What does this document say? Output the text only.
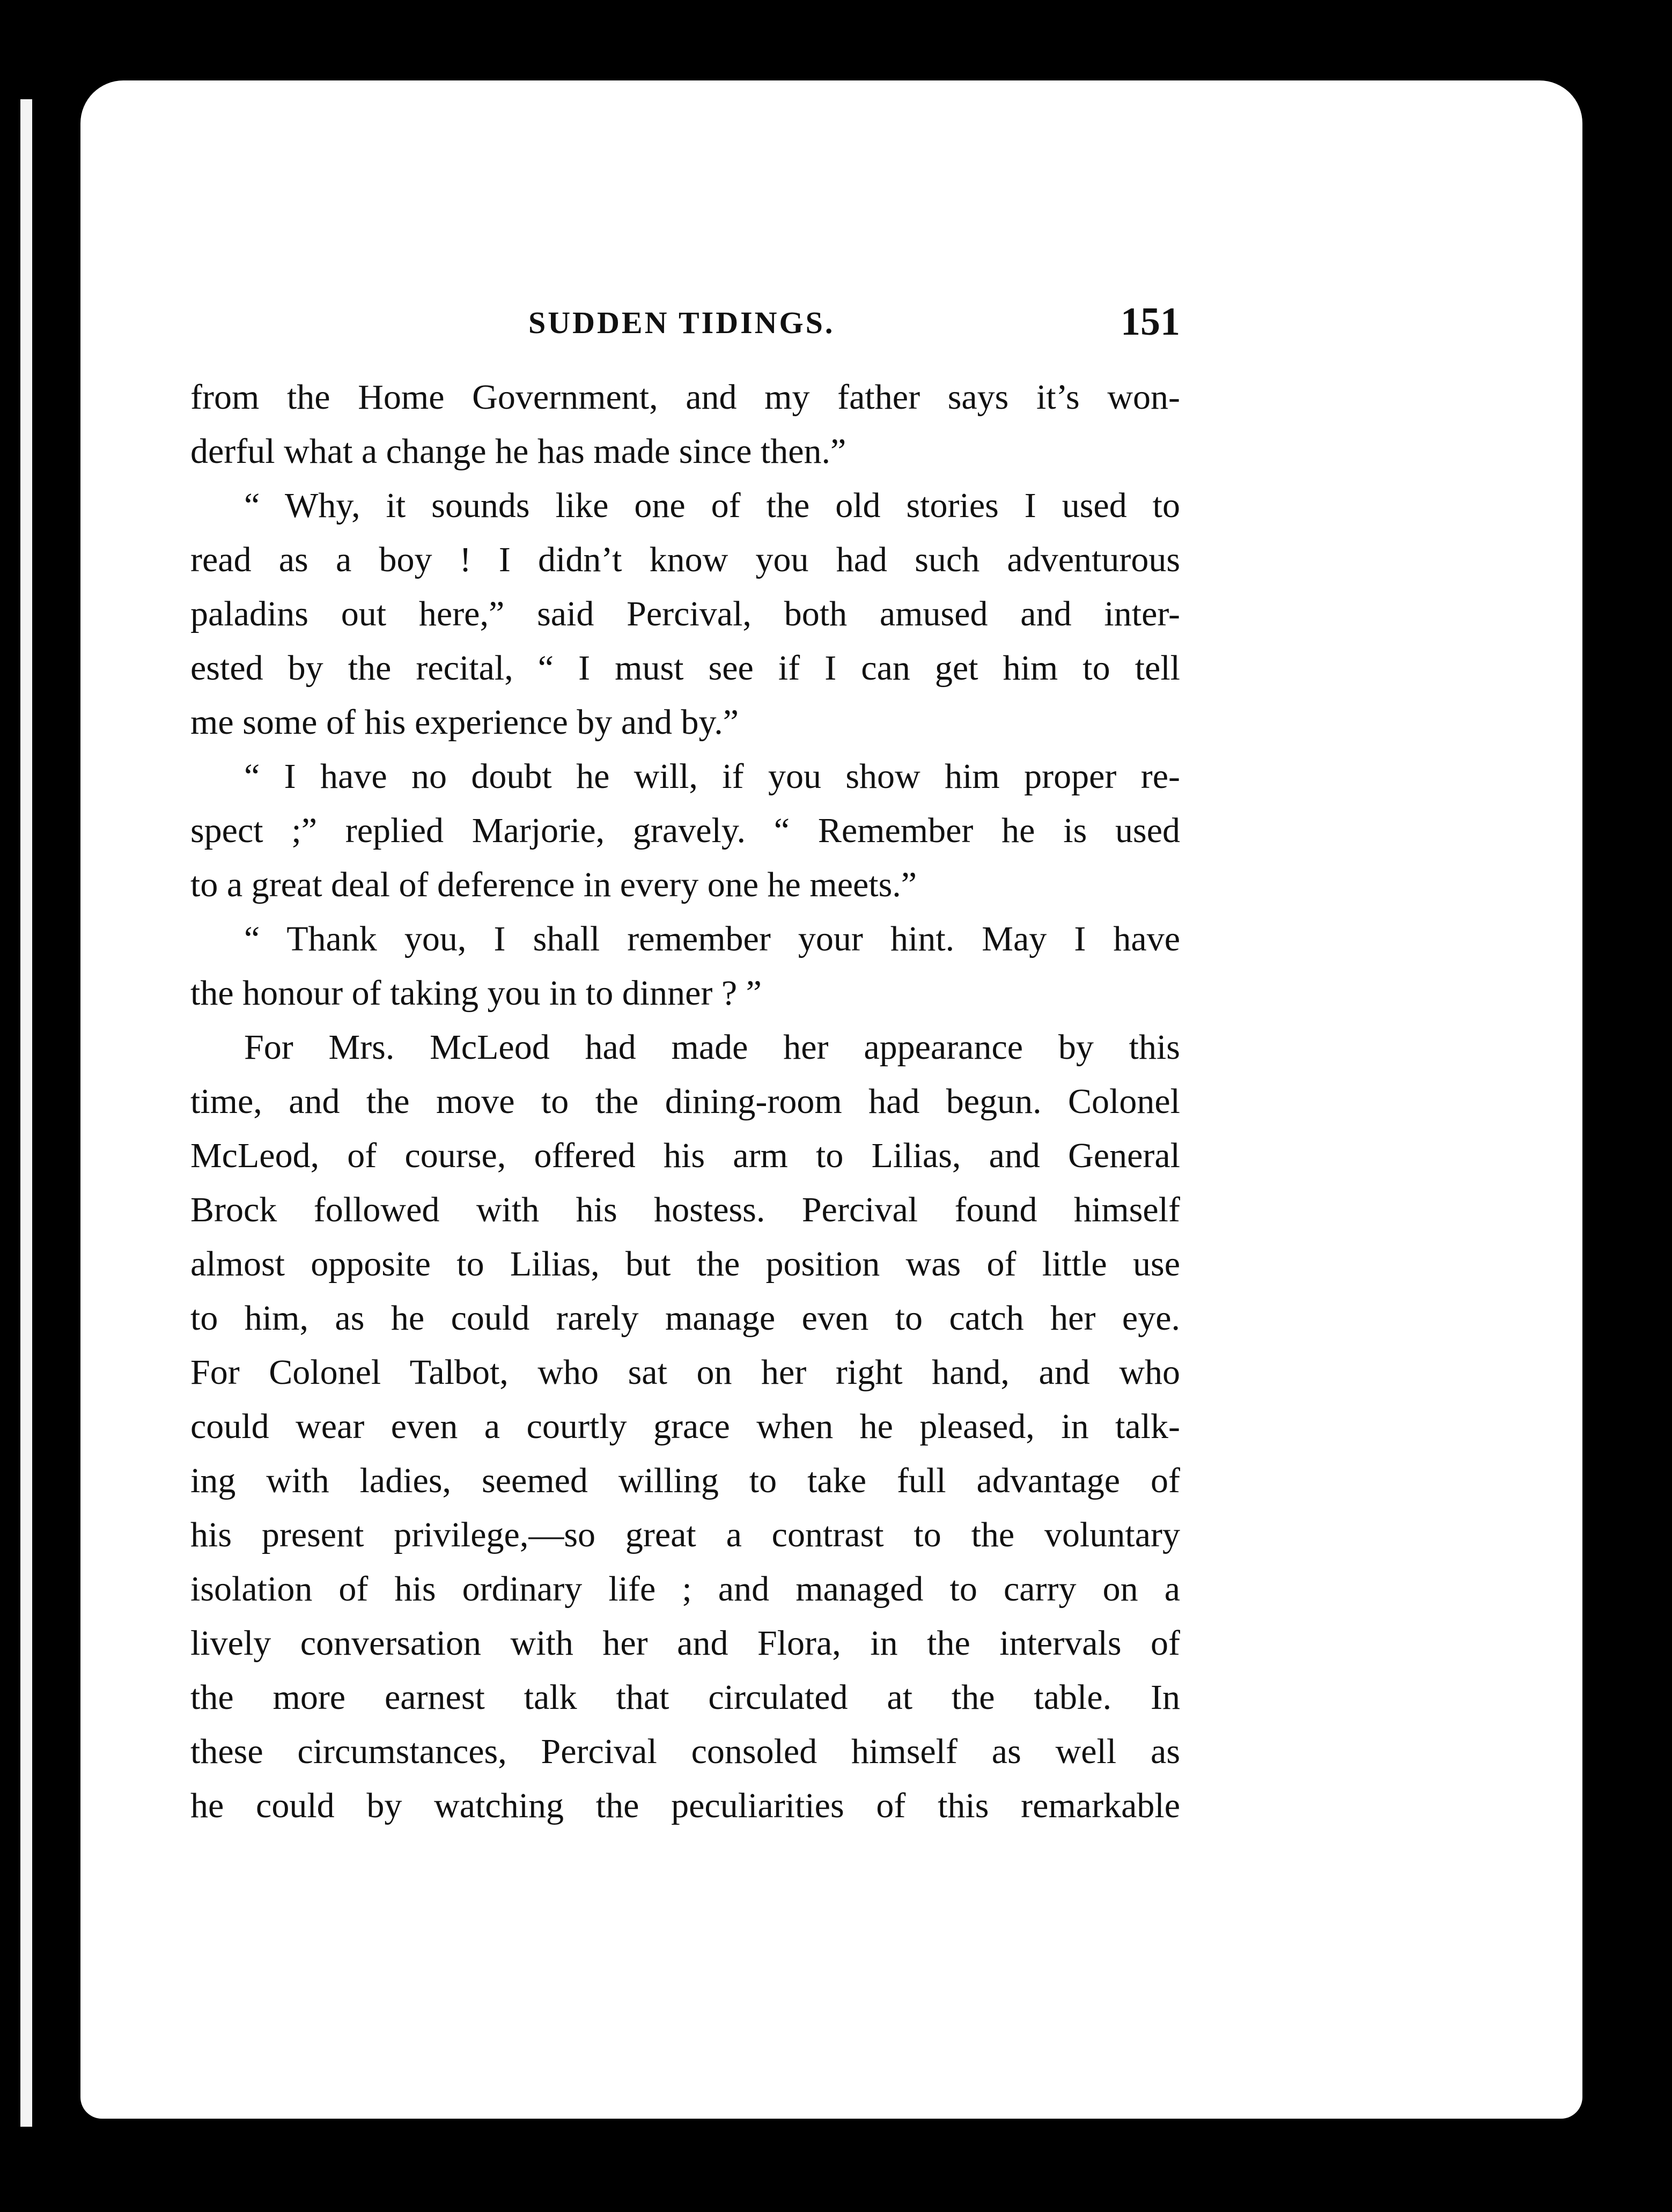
SUDDEN TIDINGS.	151
from the Home Government, and my father says it’s won-
derful what a change he has made since then.”
“ Why, it sounds like one of the old stories I used to
read as a boy ! I didn’t know you had such adventurous
paladins out here,” said Percival, both amused and inter-
ested by the recital, “ I must see if I can get him to tell
me some of his experience by and by.”
“ I have no doubt he will, if you show him proper re-
spect ;” replied Marjorie, gravely. “ Remember he is used
to a great deal of deference in every one he meets.”
“ Thank you, I shall remember your hint. May I have
the honour of taking you in to dinner ? ”
For Mrs. McLeod had made her appearance by this
time, and the move to the dining-room had begun. Colonel
McLeod, of course, offered his arm to Lilias, and General
Brock followed with his hostess. Percival found himself
almost opposite to Lilias, but the position was of little use
to him, as he could rarely manage even to catch her eye.
For Colonel Talbot, who sat on her right hand, and who
could wear even a courtly grace when he pleased, in talk-
ing with ladies, seemed willing to take full advantage of
his present privilege,—so great a contrast to the voluntary
isolation of his ordinary life ; and managed to carry on a
lively conversation with her and Flora, in the intervals of
the more earnest talk that circulated at the table. In
these circumstances, Percival consoled himself as well as
he could by watching the peculiarities of this remarkable
